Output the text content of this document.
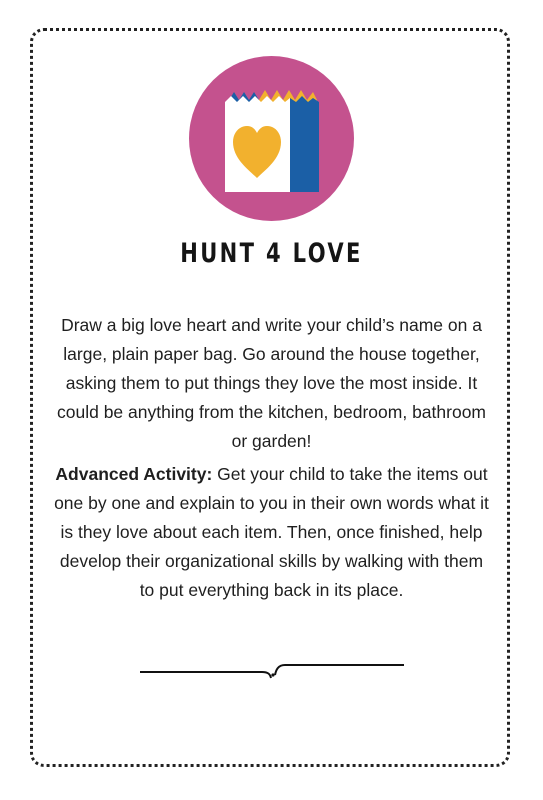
HUNT 4 LOVE
Draw a big love heart and write your child’s name on a large, plain paper bag. Go around the house together, asking them to put things they love the most inside. It could be anything from the kitchen, bedroom, bathroom or garden!
Advanced Activity: Get your child to take the items out one by one and explain to you in their own words what it is they love about each item. Then, once finished, help develop their organizational skills by walking with them to put everything back in its place.
